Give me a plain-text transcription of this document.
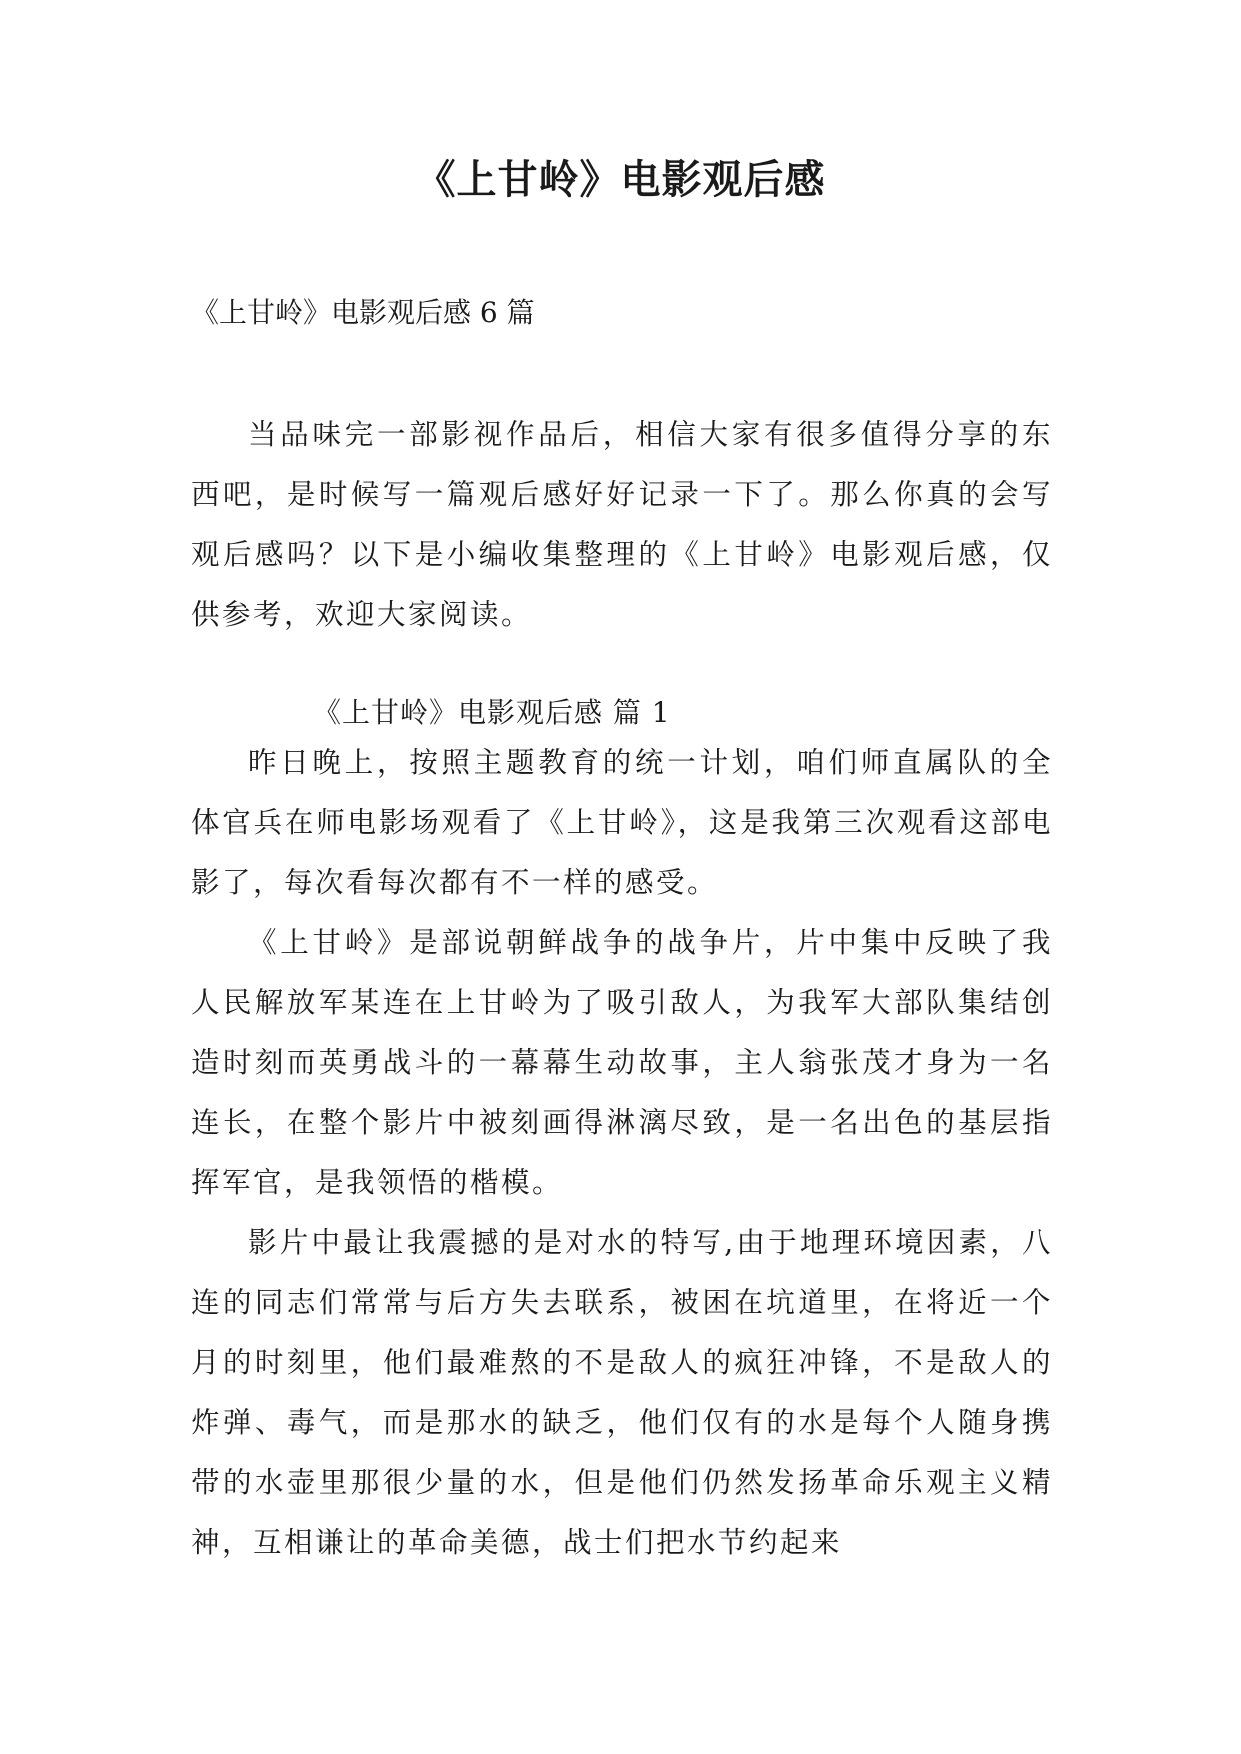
《上甘岭》电影观后感

《上甘岭》电影观后感 6 篇

当品味完一部影视作品后，相信大家有很多值得分享的东西吧，是时候写一篇观后感好好记录一下了。那么你真的会写观后感吗？以下是小编收集整理的《上甘岭》电影观后感，仅供参考，欢迎大家阅读。

《上甘岭》电影观后感 篇 1

昨日晚上，按照主题教育的统一计划，咱们师直属队的全体官兵在师电影场观看了《上甘岭》，这是我第三次观看这部电影了，每次看每次都有不一样的感受。

《上甘岭》是部说朝鲜战争的战争片，片中集中反映了我人民解放军某连在上甘岭为了吸引敌人，为我军大部队集结创造时刻而英勇战斗的一幕幕生动故事，主人翁张茂才身为一名连长，在整个影片中被刻画得淋漓尽致，是一名出色的基层指挥军官，是我领悟的楷模。

影片中最让我震撼的是对水的特写,由于地理环境因素，八连的同志们常常与后方失去联系，被困在坑道里，在将近一个月的时刻里，他们最难熬的不是敌人的疯狂冲锋，不是敌人的炸弹、毒气，而是那水的缺乏，他们仅有的水是每个人随身携带的水壶里那很少量的水，但是他们仍然发扬革命乐观主义精神，互相谦让的革命美德，战士们把水节约起来
